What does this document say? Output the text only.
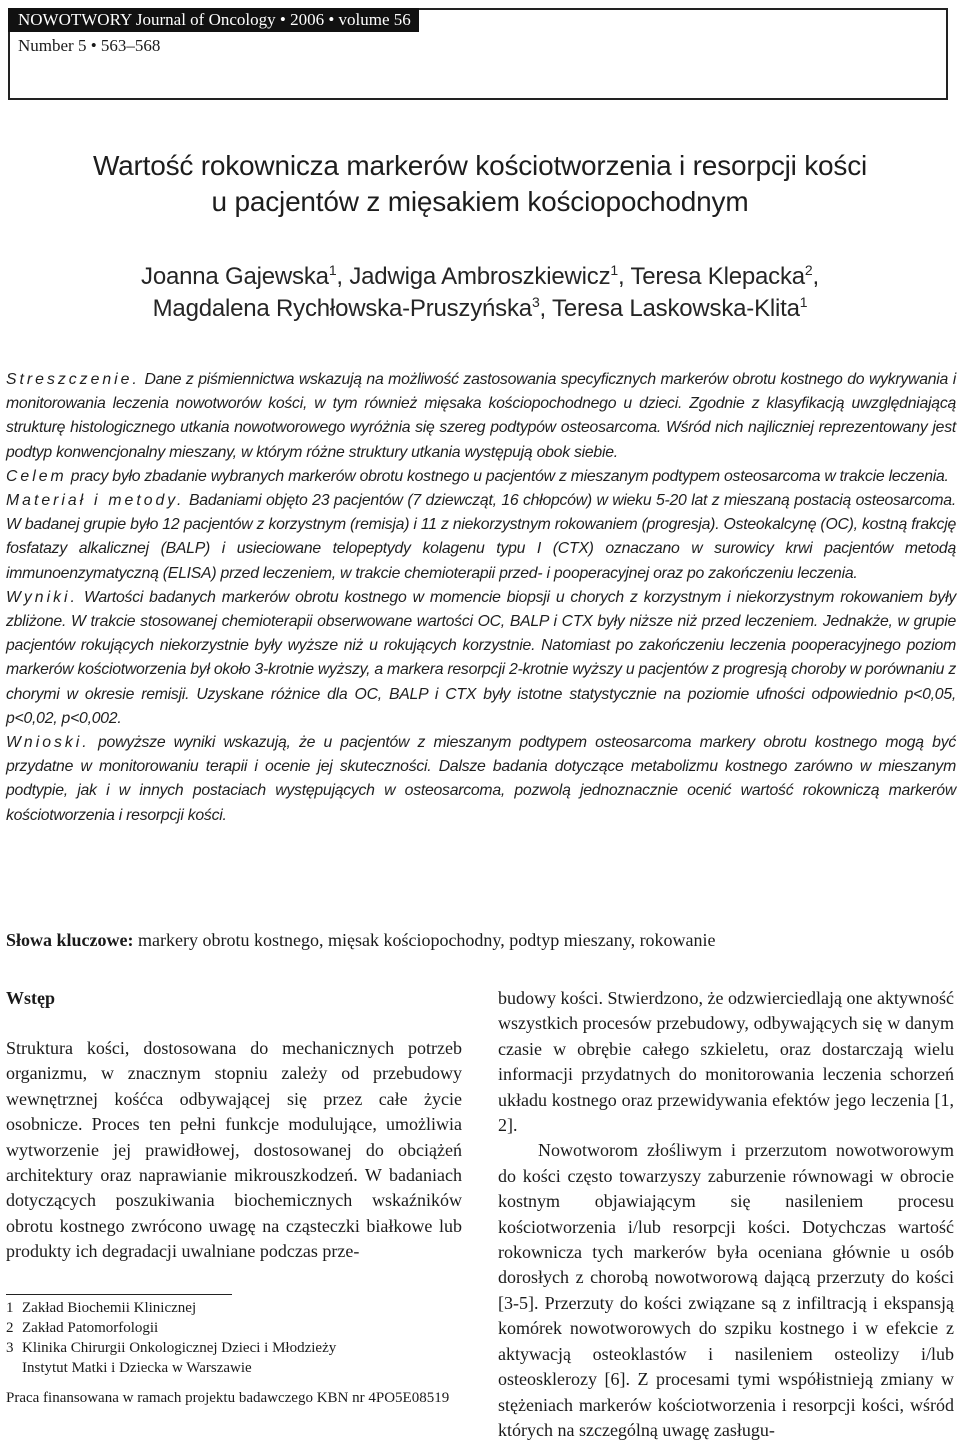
NOWOTWORY Journal of Oncology • 2006 • volume 56
Number 5 • 563–568
Wartość rokownicza markerów kościotworzenia i resorpcji kości
u pacjentów z mięsakiem kościopochodnym
Joanna Gajewska$^1$, Jadwiga Ambroszkiewicz$^1$, Teresa Klepacka$^2$,
Magdalena Rychłowska-Pruszyńska$^3$, Teresa Laskowska-Klita$^1$

Streszczenie. Dane z piśmiennictwa wskazują na możliwość zastosowania specyficznych markerów obrotu kostnego do wykrywania i monitorowania leczenia nowotworów kości, w tym również mięsaka kościopochodnego u dzieci. Zgodnie z klasyfikacją uwzględniającą strukturę histologicznego utkania nowotworowego wyróżnia się szereg podtypów osteosarcoma. Wśród nich najliczniej reprezentowany jest podtyp konwencjonalny mieszany, w którym różne struktury utkania występują obok siebie.

Celem pracy było zbadanie wybranych markerów obrotu kostnego u pacjentów z mieszanym podtypem osteosarcoma w trakcie leczenia.

Materiał i metody. Badaniami objęto 23 pacjentów (7 dziewcząt, 16 chłopców) w wieku 5-20 lat z mieszaną postacią osteosarcoma. W badanej grupie było 12 pacjentów z korzystnym (remisja) i 11 z niekorzystnym rokowaniem (progresja). Osteokalcynę (OC), kostną frakcję fosfatazy alkalicznej (BALP) i usieciowane telopeptydy kolagenu typu I (CTX) oznaczano w surowicy krwi pacjentów metodą immunoenzymatyczną (ELISA) przed leczeniem, w trakcie chemioterapii przed- i pooperacyjnej oraz po zakończeniu leczenia.

Wyniki. Wartości badanych markerów obrotu kostnego w momencie biopsji u chorych z korzystnym i niekorzystnym rokowaniem były zbliżone. W trakcie stosowanej chemioterapii obserwowane wartości OC, BALP i CTX były niższe niż przed leczeniem. Jednakże, w grupie pacjentów rokujących niekorzystnie były wyższe niż u rokujących korzystnie. Natomiast po zakończeniu leczenia pooperacyjnego poziom markerów kościotworzenia był około 3-krotnie wyższy, a markera resorpcji 2-krotnie wyższy u pacjentów z progresją choroby w porównaniu z chorymi w okresie remisji. Uzyskane różnice dla OC, BALP i CTX były istotne statystycznie na poziomie ufności odpowiednio p<0,05, p<0,02, p<0,002.

Wnioski. powyższe wyniki wskazują, że u pacjentów z mieszanym podtypem osteosarcoma markery obrotu kostnego mogą być przydatne w monitorowaniu terapii i ocenie jej skuteczności. Dalsze badania dotyczące metabolizmu kostnego zarówno w mieszanym podtypie, jak i w innych postaciach występujących w osteosarcoma, pozwolą jednoznacznie ocenić wartość rokowniczą markerów kościotworzenia i resorpcji kości.

Słowa kluczowe: markery obrotu kostnego, mięsak kościopochodny, podtyp mieszany, rokowanie
Wstęp

Struktura kości, dostosowana do mechanicznych potrzeb organizmu, w znacznym stopniu zależy od przebudowy wewnętrznej kośćca odbywającej się przez całe życie osobnicze. Proces ten pełni funkcje modulujące, umożliwia wytworzenie jej prawidłowej, dostosowanej do obciążeń architektury oraz naprawianie mikrouszkodzeń. W badaniach dotyczących poszukiwania biochemicznych wskaźników obrotu kostnego zwrócono uwagę na cząsteczki białkowe lub produkty ich degradacji uwalniane podczas prze-

budowy kości. Stwierdzono, że odzwierciedlają one aktywność wszystkich procesów przebudowy, odbywających się w danym czasie w obrębie całego szkieletu, oraz dostarczają wielu informacji przydatnych do monitorowania leczenia schorzeń układu kostnego oraz przewidywania efektów jego leczenia [1, 2].

Nowotworom złośliwym i przerzutom nowotworowym do kości często towarzyszy zaburzenie równowagi w obrocie kostnym objawiającym się nasileniem procesu kościotworzenia i/lub resorpcji kości. Dotychczas wartość rokownicza tych markerów była oceniana głównie u osób dorosłych z chorobą nowotworową dającą przerzuty do kości [3-5]. Przerzuty do kości związane są z infiltracją i ekspansją komórek nowotworowych do szpiku kostnego i w efekcie z aktywacją osteoklastów i nasileniem osteolizy i/lub osteosklerozy [6]. Z procesami tymi współistnieją zmiany w stężeniach markerów kościotworzenia i resorpcji kości, wśród których na szczególną uwagę zasługu-

1 Zakład Biochemii Klinicznej
2 Zakład Patomorfologii
3 Klinika Chirurgii Onkologicznej Dzieci i Młodzieży
Instytut Matki i Dziecka w Warszawie
Praca finansowana w ramach projektu badawczego KBN nr 4PO5E08519
